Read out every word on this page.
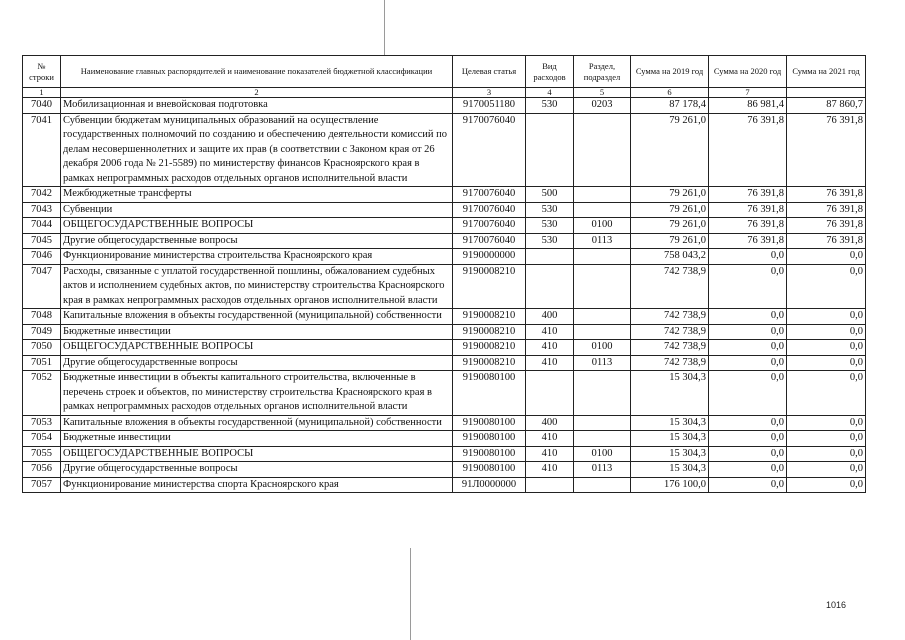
№ строки	Наименование главных распорядителей и наименование показателей бюджетной классификации	Целевая статья	Вид расходов	Раздел, подраздел	Сумма на 2019 год	Сумма на 2020 год	Сумма на 2021 год
1	2	3	4	5	6	7	
7040	Мобилизационная и вневойсковая подготовка	9170051180	530	0203	87 178,4	86 981,4	87 860,7
7041	Субвенции бюджетам муниципальных образований на осуществление государственных полномочий по созданию и обеспечению деятельности комиссий по делам несовершеннолетних и защите их прав (в соответствии с Законом края от 26 декабря 2006 года № 21-5589) по министерству финансов Красноярского края в рамках непрограммных расходов отдельных органов исполнительной власти	9170076040			79 261,0	76 391,8	76 391,8
7042	Межбюджетные трансферты	9170076040	500		79 261,0	76 391,8	76 391,8
7043	Субвенции	9170076040	530		79 261,0	76 391,8	76 391,8
7044	ОБЩЕГОСУДАРСТВЕННЫЕ ВОПРОСЫ	9170076040	530	0100	79 261,0	76 391,8	76 391,8
7045	Другие общегосударственные вопросы	9170076040	530	0113	79 261,0	76 391,8	76 391,8
7046	Функционирование министерства строительства Красноярского края	9190000000			758 043,2	0,0	0,0
7047	Расходы, связанные с уплатой государственной пошлины, обжалованием судебных актов и исполнением судебных актов, по министерству строительства Красноярского края в рамках непрограммных расходов отдельных органов исполнительной власти	9190008210			742 738,9	0,0	0,0
7048	Капитальные вложения в объекты государственной (муниципальной) собственности	9190008210	400		742 738,9	0,0	0,0
7049	Бюджетные инвестиции	9190008210	410		742 738,9	0,0	0,0
7050	ОБЩЕГОСУДАРСТВЕННЫЕ ВОПРОСЫ	9190008210	410	0100	742 738,9	0,0	0,0
7051	Другие общегосударственные вопросы	9190008210	410	0113	742 738,9	0,0	0,0
7052	Бюджетные инвестиции в объекты капитального строительства, включенные в перечень строек и объектов, по министерству строительства Красноярского края в рамках непрограммных расходов отдельных органов исполнительной власти	9190080100			15 304,3	0,0	0,0
7053	Капитальные вложения в объекты государственной (муниципальной) собственности	9190080100	400		15 304,3	0,0	0,0
7054	Бюджетные инвестиции	9190080100	410		15 304,3	0,0	0,0
7055	ОБЩЕГОСУДАРСТВЕННЫЕ ВОПРОСЫ	9190080100	410	0100	15 304,3	0,0	0,0
7056	Другие общегосударственные вопросы	9190080100	410	0113	15 304,3	0,0	0,0
7057	Функционирование министерства спорта Красноярского края	91Л0000000			176 100,0	0,0	0,0
1016
